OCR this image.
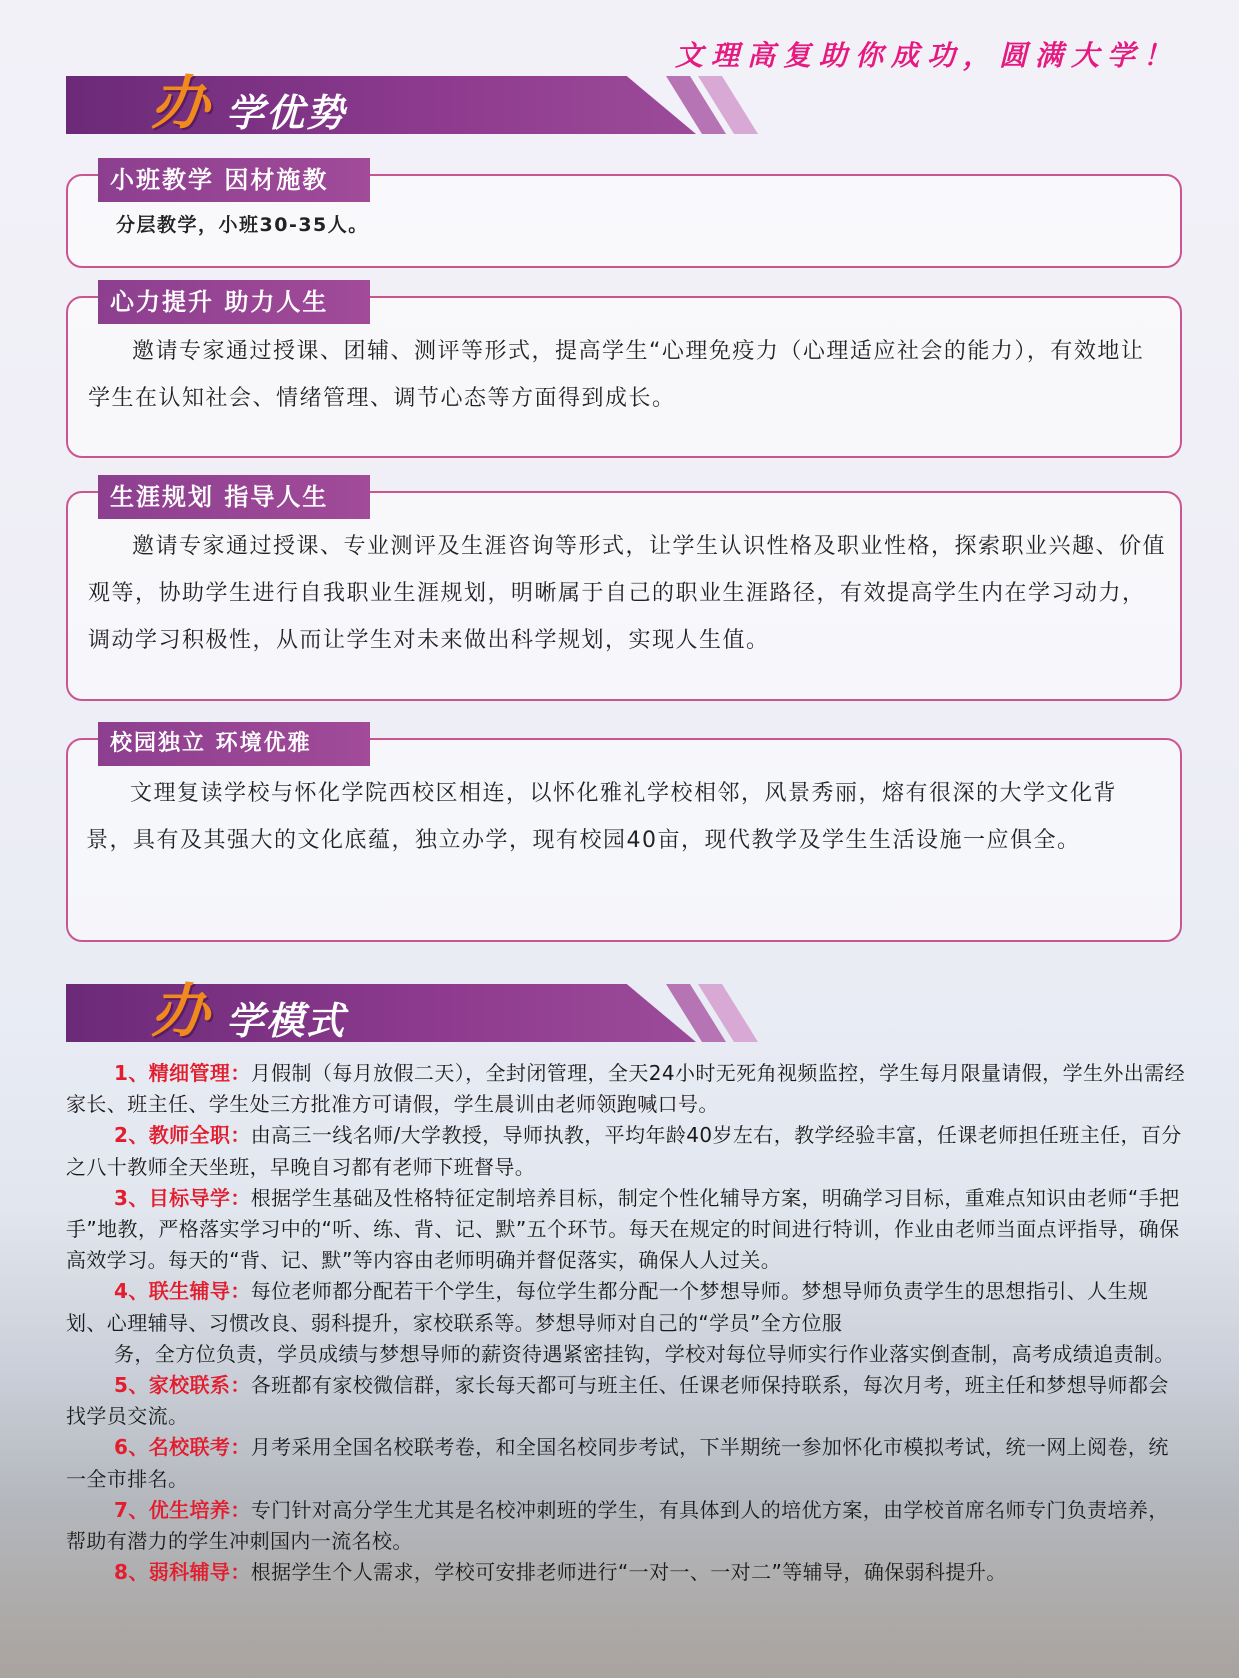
文理高复助你成功，圆满大学！
办 学优势
小班教学 因材施教

分层教学，小班30-35人。

心力提升 助力人生

邀请专家通过授课、团辅、测评等形式，提高学生“心理免疫力（心理适应社会的能力），有效地让学生在认知社会、情绪管理、调节心态等方面得到成长。

生涯规划 指导人生

邀请专家通过授课、专业测评及生涯咨询等形式，让学生认识性格及职业性格，探索职业兴趣、价值观等，协助学生进行自我职业生涯规划，明晰属于自己的职业生涯路径，有效提高学生内在学习动力，调动学习积极性，从而让学生对未来做出科学规划，实现人生值。

校园独立 环境优雅

文理复读学校与怀化学院西校区相连，以怀化雅礼学校相邻，风景秀丽，熔有很深的大学文化背景，具有及其强大的文化底蕴，独立办学，现有校园40亩，现代教学及学生生活设施一应俱全。

办 学模式

1、精细管理：月假制（每月放假二天），全封闭管理，全天24小时无死角视频监控，学生每月限量请假，学生外出需经家长、班主任、学生处三方批准方可请假，学生晨训由老师领跑喊口号。

2、教师全职：由高三一线名师/大学教授，导师执教，平均年龄40岁左右，教学经验丰富，任课老师担任班主任，百分之八十教师全天坐班，早晚自习都有老师下班督导。

3、目标导学：根据学生基础及性格特征定制培养目标，制定个性化辅导方案，明确学习目标，重难点知识由老师“手把手”地教，严格落实学习中的“听、练、背、记、默”五个环节。每天在规定的时间进行特训，作业由老师当面点评指导，确保高效学习。每天的“背、记、默”等内容由老师明确并督促落实，确保人人过关。

4、联生辅导：每位老师都分配若干个学生，每位学生都分配一个梦想导师。梦想导师负责学生的思想指引、人生规划、心理辅导、习惯改良、弱科提升，家校联系等。梦想导师对自己的“学员”全方位服

务，全方位负责，学员成绩与梦想导师的薪资待遇紧密挂钩，学校对每位导师实行作业落实倒查制，高考成绩追责制。

5、家校联系：各班都有家校微信群，家长每天都可与班主任、任课老师保持联系，每次月考，班主任和梦想导师都会找学员交流。

6、名校联考：月考采用全国名校联考卷，和全国名校同步考试，下半期统一参加怀化市模拟考试，统一网上阅卷，统一全市排名。

7、优生培养：专门针对高分学生尤其是名校冲刺班的学生，有具体到人的培优方案，由学校首席名师专门负责培养，帮助有潜力的学生冲刺国内一流名校。

8、弱科辅导：根据学生个人需求，学校可安排老师进行“一对一、一对二”等辅导，确保弱科提升。
